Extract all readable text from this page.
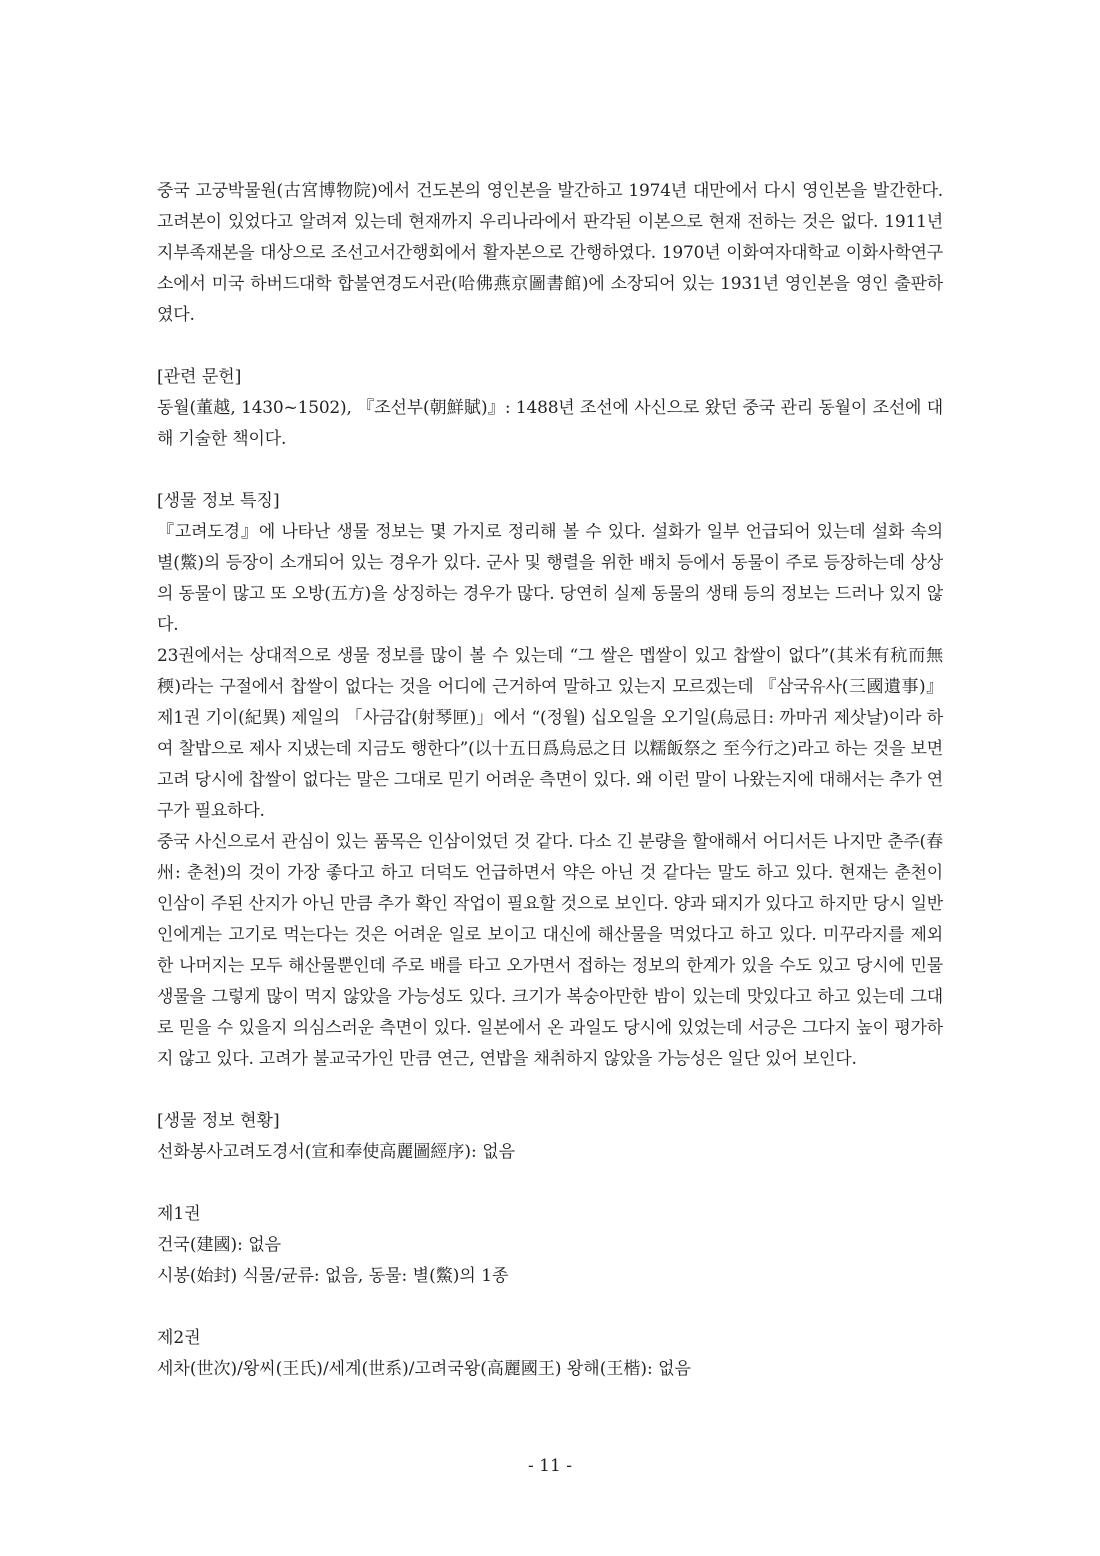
중국 고궁박물원(古宮博物院)에서 건도본의 영인본을 발간하고 1974년 대만에서 다시 영인본을 발간한다. 고려본이 있었다고 알려져 있는데 현재까지 우리나라에서 판각된 이본으로 현재 전하는 것은 없다. 1911년 지부족재본을 대상으로 조선고서간행회에서 활자본으로 간행하였다. 1970년 이화여자대학교 이화사학연구소에서 미국 하버드대학 합불연경도서관(哈佛燕京圖書館)에 소장되어 있는 1931년 영인본을 영인 출판하였다.

[관련 문헌]

동월(董越, 1430~1502), 『조선부(朝鮮賦)』: 1488년 조선에 사신으로 왔던 중국 관리 동월이 조선에 대해 기술한 책이다.

[생물 정보 특징]

『고려도경』에 나타난 생물 정보는 몇 가지로 정리해 볼 수 있다. 설화가 일부 언급되어 있는데 설화 속의 별(鱉)의 등장이 소개되어 있는 경우가 있다. 군사 및 행렬을 위한 배치 등에서 동물이 주로 등장하는데 상상의 동물이 많고 또 오방(五方)을 상징하는 경우가 많다. 당연히 실제 동물의 생태 등의 정보는 드러나 있지 않다.

23권에서는 상대적으로 생물 정보를 많이 볼 수 있는데 “그 쌀은 멥쌀이 있고 찹쌀이 없다”(其米有秔而無稬)라는 구절에서 찹쌀이 없다는 것을 어디에 근거하여 말하고 있는지 모르겠는데 『삼국유사(三國遺事)』 제1권 기이(紀異) 제일의 「사금갑(射琴匣)」에서 “(정월) 십오일을 오기일(烏忌日: 까마귀 제삿날)이라 하여 찰밥으로 제사 지냈는데 지금도 행한다”(以十五日爲烏忌之日 以糯飯祭之 至今行之)라고 하는 것을 보면 고려 당시에 찹쌀이 없다는 말은 그대로 믿기 어려운 측면이 있다. 왜 이런 말이 나왔는지에 대해서는 추가 연구가 필요하다.

중국 사신으로서 관심이 있는 품목은 인삼이었던 것 같다. 다소 긴 분량을 할애해서 어디서든 나지만 춘주(春州: 춘천)의 것이 가장 좋다고 하고 더덕도 언급하면서 약은 아닌 것 같다는 말도 하고 있다. 현재는 춘천이 인삼이 주된 산지가 아닌 만큼 추가 확인 작업이 필요할 것으로 보인다. 양과 돼지가 있다고 하지만 당시 일반인에게는 고기로 먹는다는 것은 어려운 일로 보이고 대신에 해산물을 먹었다고 하고 있다. 미꾸라지를 제외한 나머지는 모두 해산물뿐인데 주로 배를 타고 오가면서 접하는 정보의 한계가 있을 수도 있고 당시에 민물생물을 그렇게 많이 먹지 않았을 가능성도 있다. 크기가 복숭아만한 밤이 있는데 맛있다고 하고 있는데 그대로 믿을 수 있을지 의심스러운 측면이 있다. 일본에서 온 과일도 당시에 있었는데 서긍은 그다지 높이 평가하지 않고 있다. 고려가 불교국가인 만큼 연근, 연밥을 채취하지 않았을 가능성은 일단 있어 보인다.

[생물 정보 현황]

선화봉사고려도경서(宣和奉使高麗圖經序): 없음

제1권

건국(建國): 없음

시봉(始封) 식물/균류: 없음, 동물: 별(鱉)의 1종

제2권

세차(世次)/왕씨(王氏)/세계(世系)/고려국왕(高麗國王) 왕해(王楷): 없음

- 11 -
